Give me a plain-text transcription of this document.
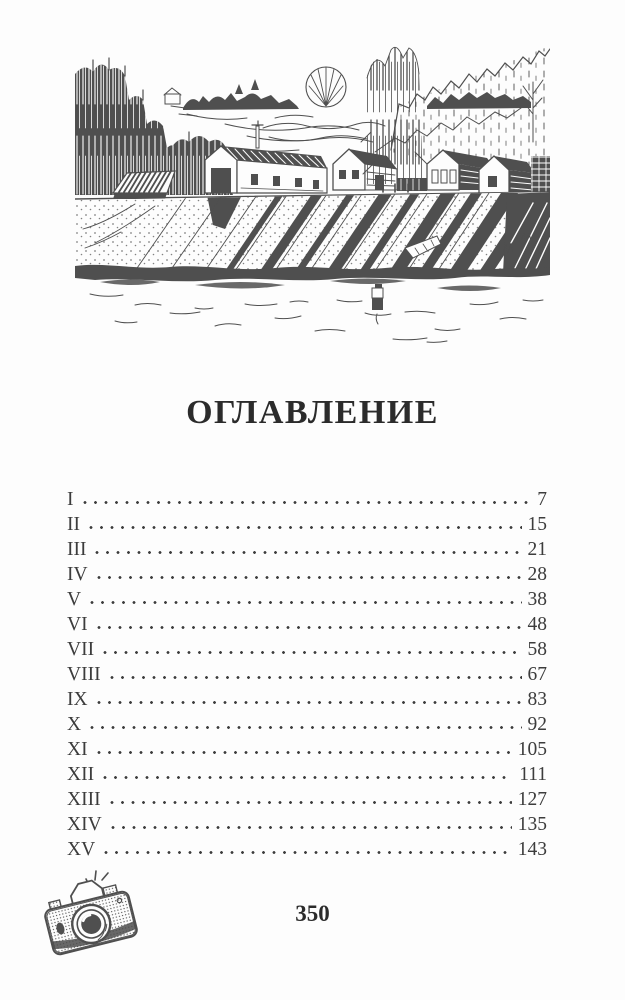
ОГЛАВЛЕНИЕ
I	7
II	15
III	21
IV	28
V	38
VI	48
VII	58
VIII	67
IX	83
X	92
XI	105
XII	111
XIII	127
XIV	135
XV	143
350
